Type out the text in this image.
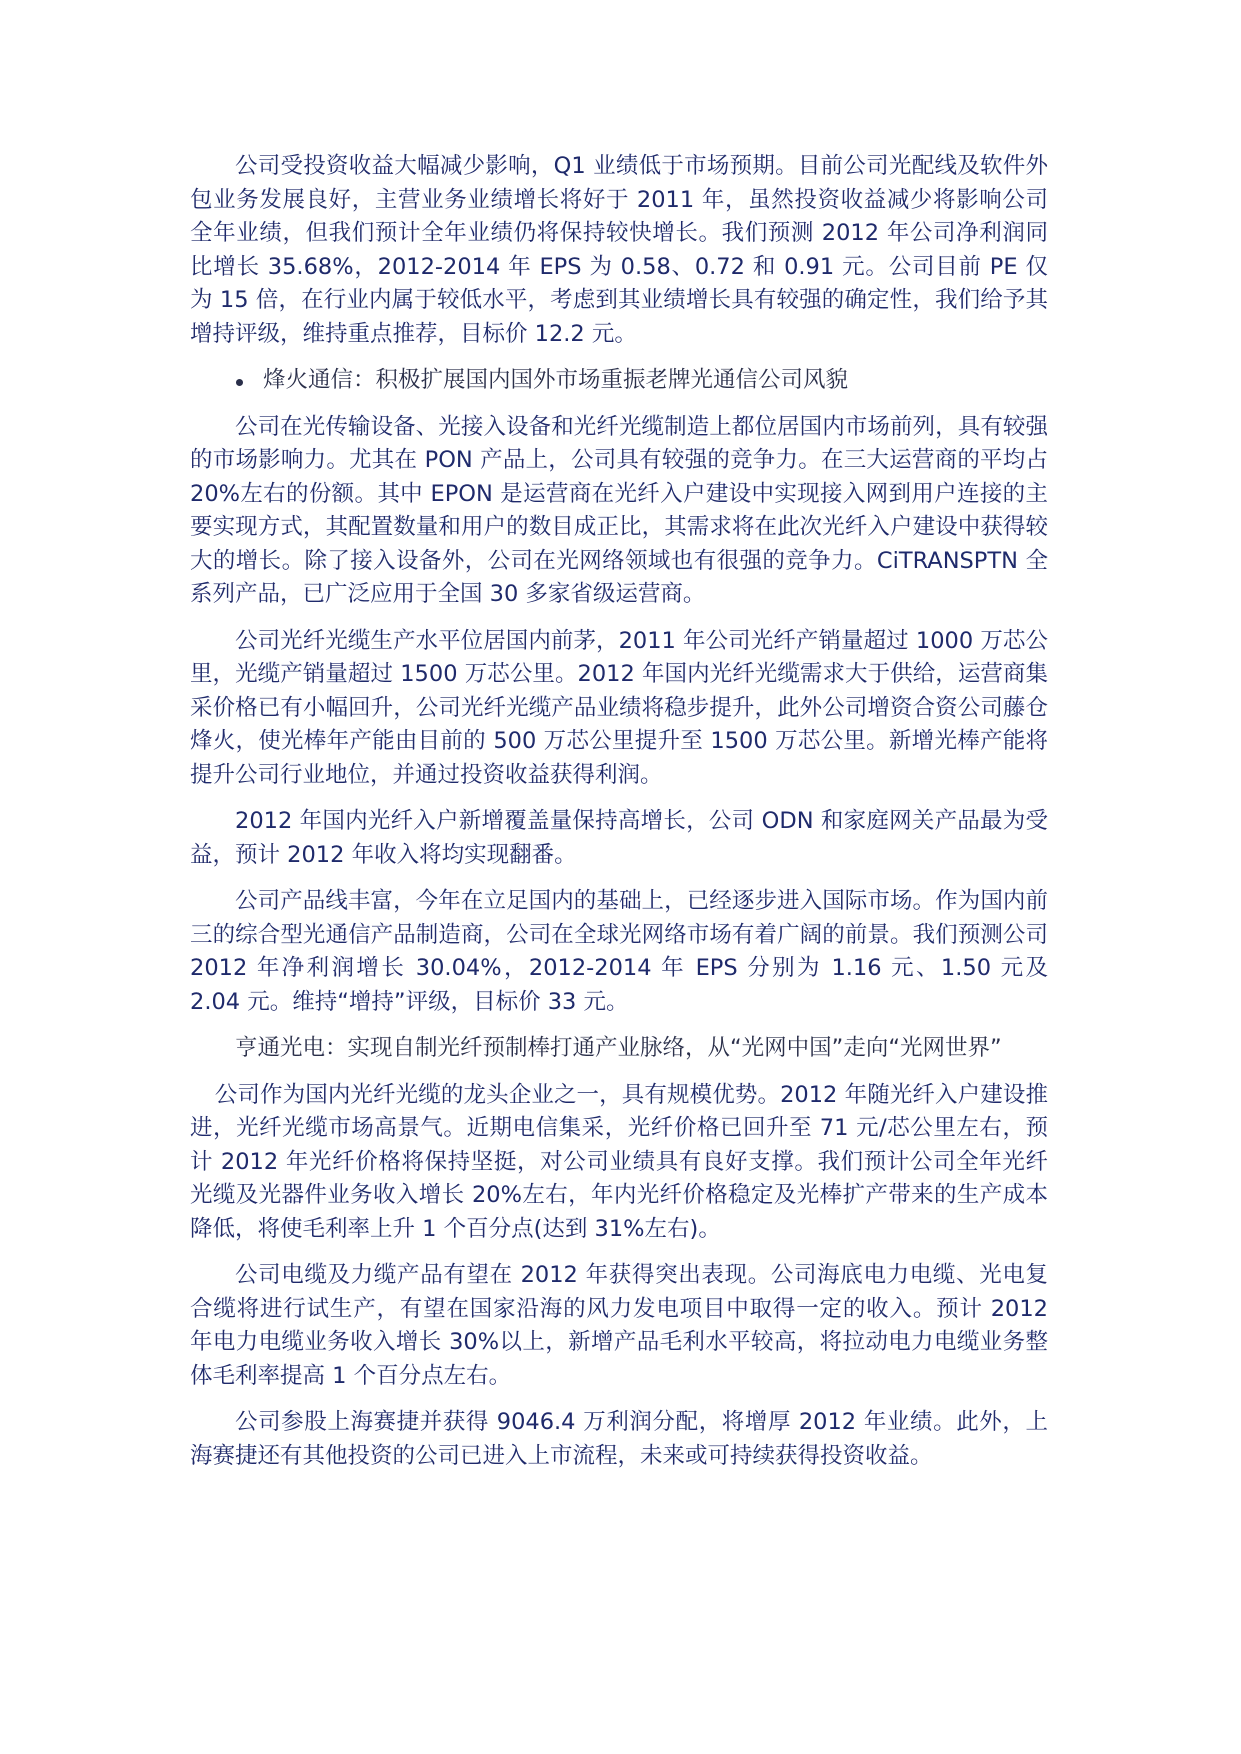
公司受投资收益大幅减少影响，Q1 业绩低于市场预期。目前公司光配线及软件外包业务发展良好，主营业务业绩增长将好于 2011 年，虽然投资收益减少将影响公司全年业绩，但我们预计全年业绩仍将保持较快增长。我们预测 2012 年公司净利润同比增长 35.68%，2012-2014 年 EPS 为 0.58、0.72 和 0.91 元。公司目前 PE 仅为 15 倍，在行业内属于较低水平，考虑到其业绩增长具有较强的确定性，我们给予其增持评级，维持重点推荐，目标价 12.2 元。

烽火通信：积极扩展国内国外市场重振老牌光通信公司风貌

公司在光传输设备、光接入设备和光纤光缆制造上都位居国内市场前列，具有较强的市场影响力。尤其在 PON 产品上，公司具有较强的竞争力。在三大运营商的平均占 20%左右的份额。其中 EPON 是运营商在光纤入户建设中实现接入网到用户连接的主要实现方式，其配置数量和用户的数目成正比，其需求将在此次光纤入户建设中获得较大的增长。除了接入设备外，公司在光网络领域也有很强的竞争力。CiTRANSPTN 全系列产品，已广泛应用于全国 30 多家省级运营商。

公司光纤光缆生产水平位居国内前茅，2011 年公司光纤产销量超过 1000 万芯公里，光缆产销量超过 1500 万芯公里。2012 年国内光纤光缆需求大于供给，运营商集采价格已有小幅回升，公司光纤光缆产品业绩将稳步提升，此外公司增资合资公司藤仓烽火，使光棒年产能由目前的 500 万芯公里提升至 1500 万芯公里。新增光棒产能将提升公司行业地位，并通过投资收益获得利润。

2012 年国内光纤入户新增覆盖量保持高增长，公司 ODN 和家庭网关产品最为受益，预计 2012 年收入将均实现翻番。

公司产品线丰富，今年在立足国内的基础上，已经逐步进入国际市场。作为国内前三的综合型光通信产品制造商，公司在全球光网络市场有着广阔的前景。我们预测公司 2012 年净利润增长 30.04%，2012-2014 年 EPS 分别为 1.16 元、1.50 元及 2.04 元。维持“增持”评级，目标价 33 元。

亨通光电：实现自制光纤预制棒打通产业脉络，从“光网中国”走向“光网世界”

公司作为国内光纤光缆的龙头企业之一，具有规模优势。2012 年随光纤入户建设推进，光纤光缆市场高景气。近期电信集采，光纤价格已回升至 71 元/芯公里左右，预计 2012 年光纤价格将保持坚挺，对公司业绩具有良好支撑。我们预计公司全年光纤光缆及光器件业务收入增长 20%左右，年内光纤价格稳定及光棒扩产带来的生产成本降低，将使毛利率上升 1 个百分点(达到 31%左右)。

公司电缆及力缆产品有望在 2012 年获得突出表现。公司海底电力电缆、光电复合缆将进行试生产，有望在国家沿海的风力发电项目中取得一定的收入。预计 2012 年电力电缆业务收入增长 30%以上，新增产品毛利水平较高，将拉动电力电缆业务整体毛利率提高 1 个百分点左右。

公司参股上海赛捷并获得 9046.4 万利润分配，将增厚 2012 年业绩。此外，上海赛捷还有其他投资的公司已进入上市流程，未来或可持续获得投资收益。
